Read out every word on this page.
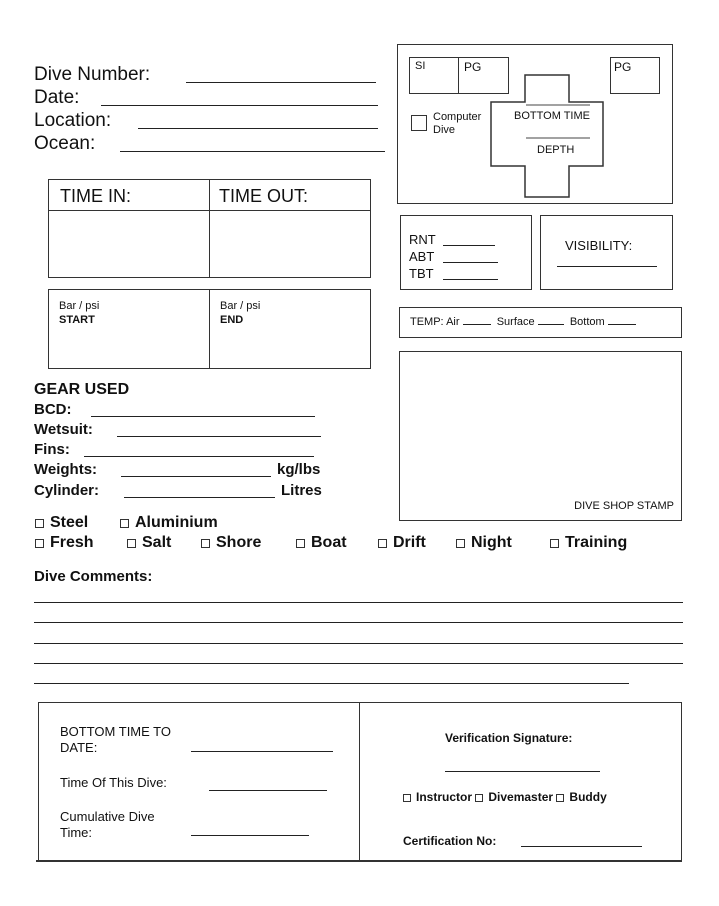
Dive Number:
Date:
Location:
Ocean:
TIME IN:	TIME OUT:
Bar / psi
START
Bar / psi
END
SI	PG	PG
BOTTOM TIME
DEPTH
Computer Dive
RNT
ABT
TBT
VISIBILITY:
TEMP: Air	Surface	Bottom
DIVE SHOP STAMP
GEAR USED
BCD:
Wetsuit:
Fins:
Weights:	kg/lbs
Cylinder:	Litres
Steel	Aluminium
Fresh	Salt	Shore	Boat	Drift	Night	Training
Dive Comments:
BOTTOM TIME TO
DATE:
Time Of This Dive:
Cumulative Dive
Time:
Verification Signature:
Instructor Divemaster Buddy
Certification No:
